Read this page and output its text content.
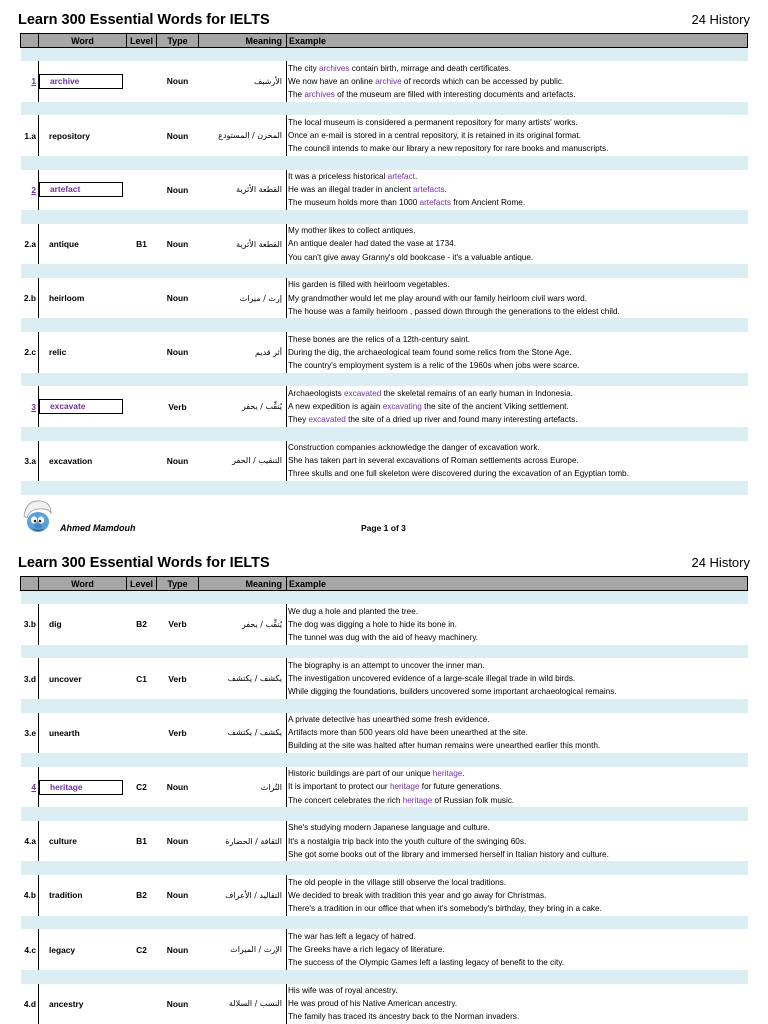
Learn 300 Essential Words for IELTS	24 History
	Word	Level	Type	Meaning	Example

1	archive		Noun	الأرشيف	The city archives contain birth, mirrage and death certificates.
We now have an online archive of records which can be accessed by public.
The archives of the museum are filled with interesting documents and artefacts.

1.a	repository		Noun	المخزن / المستودع	The local museum is considered a permanent repository for many artists' works.
Once an e-mail is stored in a central repository, it is retained in its original format.
The council intends to make our library a new repository for rare books and manuscripts.

2	artefact		Noun	القطعة الأثرية	It was a priceless historical artefact.
He was an illegal trader in ancient artefacts.
The museum holds more than 1000 artefacts from Ancient Rome.

2.a	antique	B1	Noun	القطعة الأثرية	My mother likes to collect antiques.
An antique dealer had dated the vase at 1734.
You can't give away Granny's old bookcase - it's a valuable antique.

2.b	heirloom		Noun	إرث / ميراث	His garden is filled with heirloom vegetables.
My grandmother would let me play around with our family heirloom civil wars word.
The house was a family heirloom , passed down through the generations to the eldest child.

2.c	relic		Noun	أثر قديم	These bones are the relics of a 12th-century saint.
During the dig, the archaeological team found some relics from the Stone Age.
The country's employment system is a relic of the 1960s when jobs were scarce.

3	excavate		Verb	يُنقِّب / يحفر	Archaeologists excavated the skeletal remains of an early human in Indonesia.
A new expedition is again excavating the site of the ancient Viking settlement.
They excavated the site of a dried up river and found many interesting artefacts.

3.a	excavation		Noun	التنقيب / الحفر	Construction companies acknowledge the danger of excavation work.
She has taken part in several excavations of Roman settlements across Europe.
Three skulls and one full skeleton were discovered during the excavation of an Egyptian tomb.

Ahmed Mamdouh	Page 1 of 3
Learn 300 Essential Words for IELTS	24 History
	Word	Level	Type	Meaning	Example

3.b	dig	B2	Verb	يُنقِّب / يحفر	We dug a hole and planted the tree.
The dog was digging a hole to hide its bone in.
The tunnel was dug with the aid of heavy machinery.

3.d	uncover	C1	Verb	يكشف / يكتشف	The biography is an attempt to uncover the inner man.
The investigation uncovered evidence of a large-scale illegal trade in wild birds.
While digging the foundations, builders uncovered some important archaeological remains.

3.e	unearth		Verb	يكشف / يكتشف	A private detective has unearthed some fresh evidence.
Artifacts more than 500 years old have been unearthed at the site.
Building at the site was halted after human remains were unearthed earlier this month.

4	heritage	C2	Noun	التُراث	Historic buildings are part of our unique heritage.
It is important to protect our heritage for future generations.
The concert celebrates the rich heritage of Russian folk music.

4.a	culture	B1	Noun	الثقافة / الحضارة	She's studying modern Japanese language and culture.
It's a nostalgia trip back into the youth culture of the swinging 60s.
She got some books out of the library and immersed herself in Italian history and culture.

4.b	tradition	B2	Noun	التقاليد / الأعراف	The old people in the village still observe the local traditions.
We decided to break with tradition this year and go away for Christmas.
There's a tradition in our office that when it's somebody's birthday, they bring in a cake.

4.c	legacy	C2	Noun	الإرث / الميراث	The war has left a legacy of hatred.
The Greeks have a rich legacy of literature.
The success of the Olympic Games left a lasting legacy of benefit to the city.

4.d	ancestry		Noun	النسب / السلالة	His wife was of royal ancestry.
He was proud of his Native American ancestry.
The family has traced its ancestry back to the Norman invaders.
